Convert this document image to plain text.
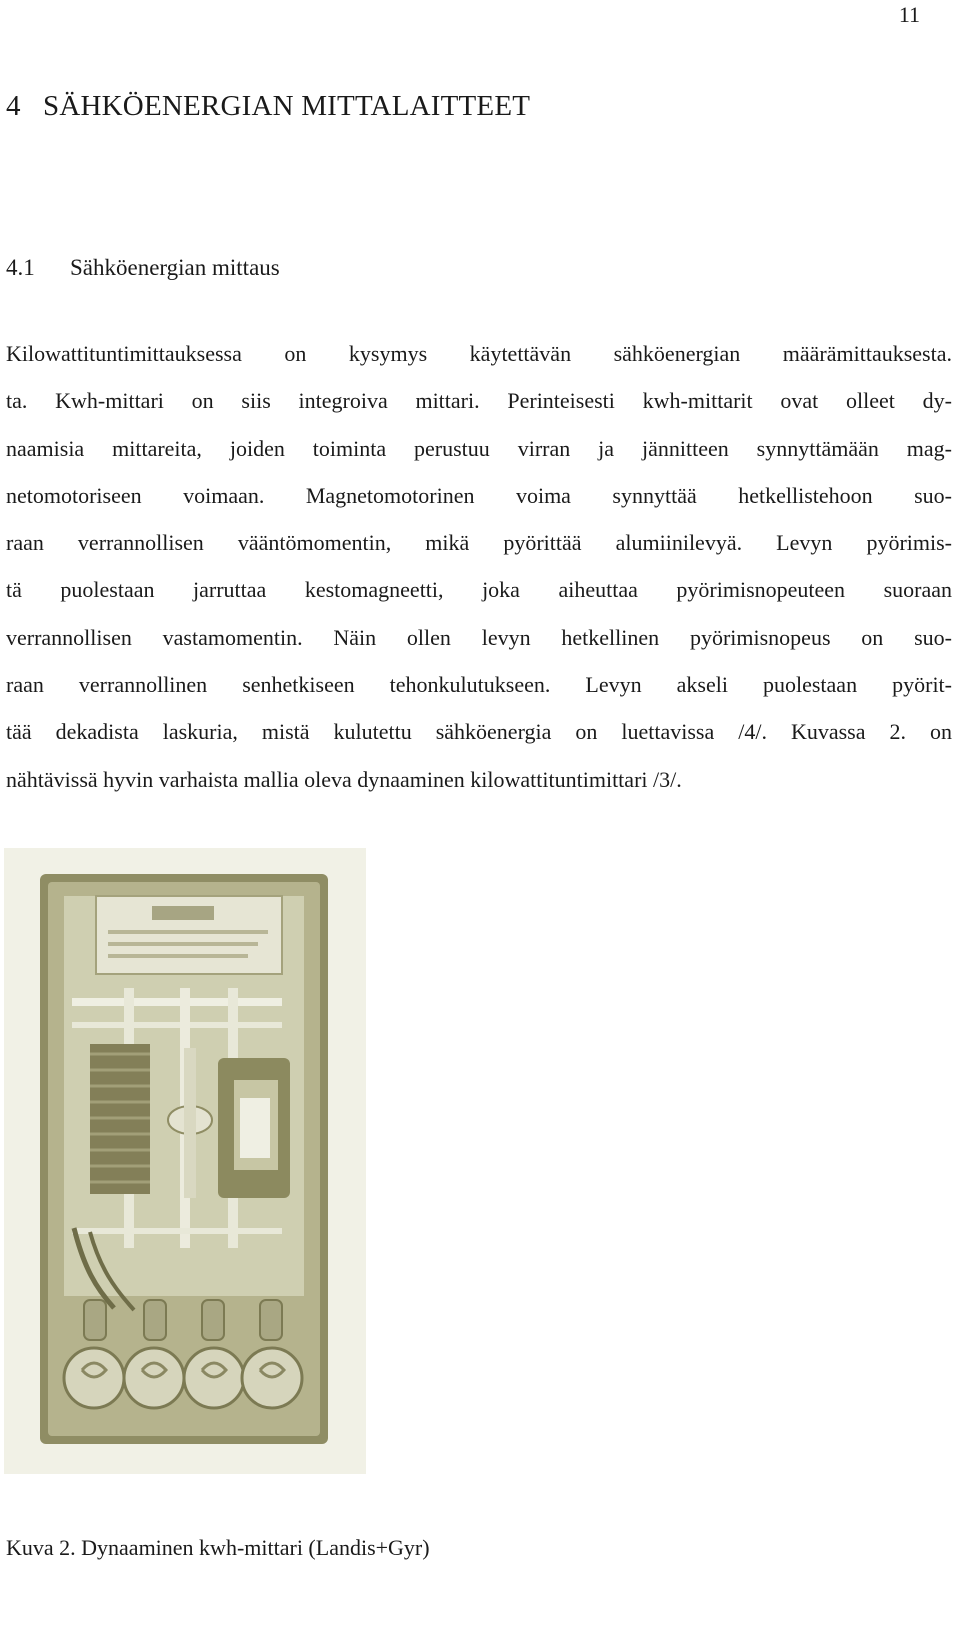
11
4   SÄHKÖENERGIAN MITTALAITTEET
4.1 Sähköenergian mittaus

Kilowattituntimittauksessa on kysymys käytettävän sähköenergian määrämittauksesta.
ta. Kwh-mittari on siis integroiva mittari. Perinteisesti kwh-mittarit ovat olleet dy-
naamisia mittareita, joiden toiminta perustuu virran ja jännitteen synnyttämään mag-
netomotoriseen voimaan. Magnetomotorinen voima synnyttää hetkellistehoon suo-
raan verrannollisen vääntömomentin, mikä pyörittää alumiinilevyä. Levyn pyörimis-
tä puolestaan jarruttaa kestomagneetti, joka aiheuttaa pyörimisnopeuteen suoraan
verrannollisen vastamomentin. Näin ollen levyn hetkellinen pyörimisnopeus on suo-
raan verrannollinen senhetkiseen tehonkulutukseen. Levyn akseli puolestaan pyörit-
tää dekadista laskuria, mistä kulutettu sähköenergia on luettavissa /4/. Kuvassa 2. on
nähtävissä hyvin varhaista mallia oleva dynaaminen kilowattituntimittari /3/.

Kuva 2. Dynaaminen kwh-mittari (Landis+Gyr)
